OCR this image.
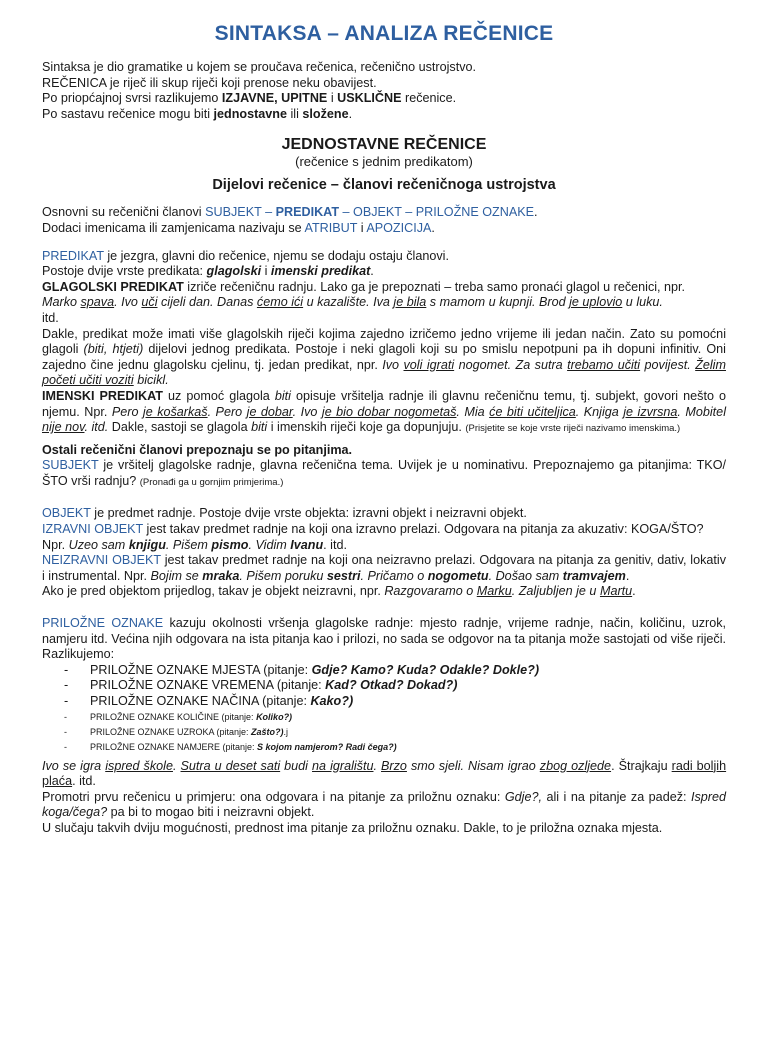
SINTAKSA – ANALIZA REČENICE

Sintaksa je dio gramatike u kojem se proučava rečenica, rečenično ustrojstvo.

REČENICA je riječ ili skup riječi koji prenose neku obavijest.

Po priopćajnoj svrsi razlikujemo IZJAVNE, UPITNE i USKLIČNE rečenice.

Po sastavu rečenice mogu biti jednostavne ili složene.

JEDNOSTAVNE REČENICE
(rečenice s jednim predikatom)
Dijelovi rečenice – članovi rečeničnoga ustrojstva

Osnovni su rečenični članovi SUBJEKT – PREDIKAT – OBJEKT – PRILOŽNE OZNAKE.

Dodaci imenicama ili zamjenicama nazivaju se ATRIBUT i APOZICIJA.

PREDIKAT je jezgra, glavni dio rečenice, njemu se dodaju ostaju članovi.

Postoje dvije vrste predikata: glagolski i imenski predikat.

GLAGOLSKI PREDIKAT izriče rečeničnu radnju. Lako ga je prepoznati – treba samo pronaći glagol u rečenici, npr.

Marko spava. Ivo uči cijeli dan. Danas ćemo ići u kazalište. Iva je bila s mamom u kupnji. Brod je uplovio u luku.

itd.

Dakle, predikat može imati više glagolskih riječi kojima zajedno izričemo jedno vrijeme ili jedan način. Zato su pomoćni glagoli (biti, htjeti) dijelovi jednog predikata. Postoje i neki glagoli koji su po smislu nepotpuni pa ih dopuni infinitiv. Oni zajedno čine jednu glagolsku cjelinu, tj. jedan predikat, npr. Ivo voli igrati nogomet. Za sutra trebamo učiti povijest. Želim početi učiti voziti bicikl.

IMENSKI PREDIKAT uz pomoć glagola biti opisuje vršitelja radnje ili glavnu rečeničnu temu, tj. subjekt, govori nešto o njemu. Npr. Pero je košarkaš. Pero je dobar. Ivo je bio dobar nogometaš. Mia će biti učiteljica. Knjiga je izvrsna. Mobitel nije nov. itd. Dakle, sastoji se glagola biti i imenskih riječi koje ga dopunjuju. (Prisjetite se koje vrste riječi nazivamo imenskima.)

Ostali rečenični članovi prepoznaju se po pitanjima.

SUBJEKT je vršitelj glagolske radnje, glavna rečenična tema. Uvijek je u nominativu. Prepoznajemo ga pitanjima: TKO/ŠTO vrši radnju? (Pronađi ga u gornjim primjerima.)

OBJEKT je predmet radnje. Postoje dvije vrste objekta: izravni objekt i neizravni objekt.

IZRAVNI OBJEKT jest takav predmet radnje na koji ona izravno prelazi. Odgovara na pitanja za akuzativ: KOGA/ŠTO?

Npr. Uzeo sam knjigu. Pišem pismo. Vidim Ivanu. itd.

NEIZRAVNI OBJEKT jest takav predmet radnje na koji ona neizravno prelazi. Odgovara na pitanja za genitiv, dativ, lokativ i instrumental. Npr. Bojim se mraka. Pišem poruku sestri. Pričamo o nogometu. Došao sam tramvajem.

Ako je pred objektom prijedlog, takav je objekt neizravni, npr. Razgovaramo o Marku. Zaljubljen je u Martu.

PRILOŽNE OZNAKE kazuju okolnosti vršenja glagolske radnje: mjesto radnje, vrijeme radnje, način, količinu, uzrok, namjeru itd. Većina njih odgovara na ista pitanja kao i prilozi, no sada se odgovor na ta pitanja može sastojati od više riječi. Razlikujemo:

- PRILOŽNE OZNAKE MJESTA (pitanje: Gdje? Kamo? Kuda? Odakle? Dokle?)
- PRILOŽNE OZNAKE VREMENA (pitanje: Kad? Otkad? Dokad?)
- PRILOŽNE OZNAKE NAČINA (pitanje: Kako?)
- PRILOŽNE OZNAKE KOLIČINE (pitanje: Koliko?)
- PRILOŽNE OZNAKE UZROKA (pitanje: Zašto?).j
- PRILOŽNE OZNAKE NAMJERE (pitanje: S kojom namjerom? Radi čega?)

Ivo se igra ispred škole. Sutra u deset sati budi na igralištu. Brzo smo sjeli. Nisam igrao zbog ozljede. Štrajkaju radi boljih plaća. itd.

Promotri prvu rečenicu u primjeru: ona odgovara i na pitanje za priložnu oznaku: Gdje?, ali i na pitanje za padež: Ispred koga/čega? pa bi to mogao biti i neizravni objekt.

U slučaju takvih dviju mogućnosti, prednost ima pitanje za priložnu oznaku. Dakle, to je priložna oznaka mjesta.
